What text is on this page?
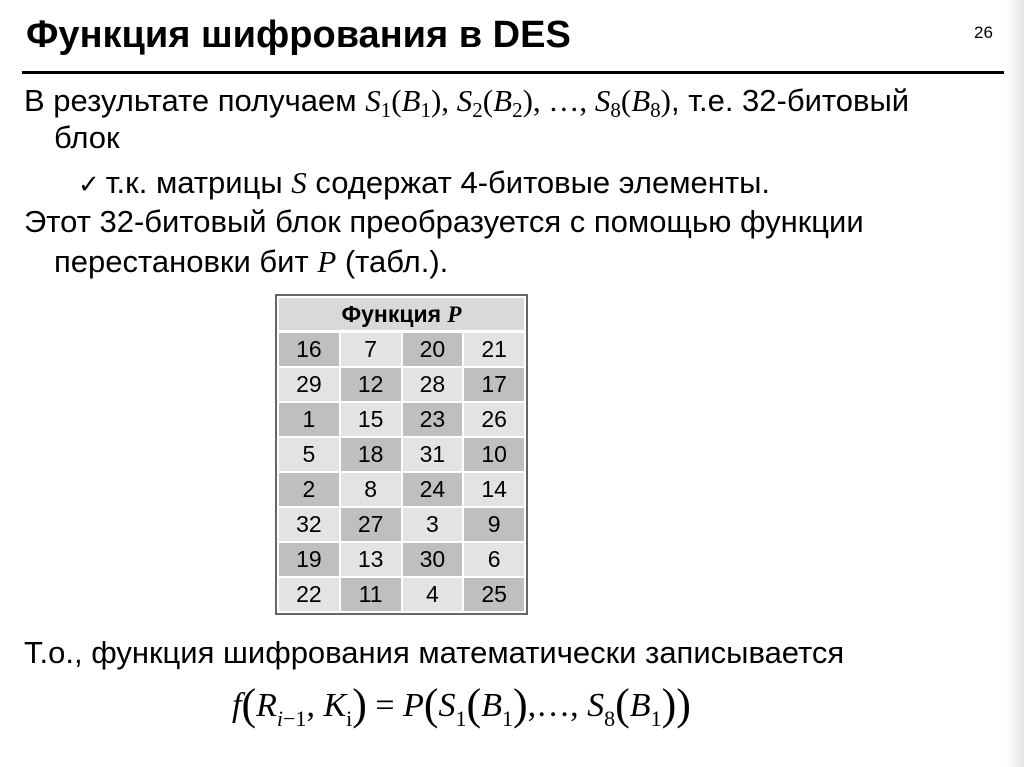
Функция шифрования в DES	26
В результате получаем S1(B1), S2(B2), …, S8(B8), т.е. 32-битовый
блок
✓ т.к. матрицы S содержат 4-битовые элементы.
Этот 32-битовый блок преобразуется с помощью функции
перестановки бит P (табл.).
Функция P			
16	7	20	21
29	12	28	17
1	15	23	26
5	18	31	10
2	8	24	14
32	27	3	9
19	13	30	6
22	11	4	25
Т.о., функция шифрования математически записывается
$f(R_{i-1}$, $K_i$) = $P(S_1(B_1),\dots$, $S_8(B_1)$)
